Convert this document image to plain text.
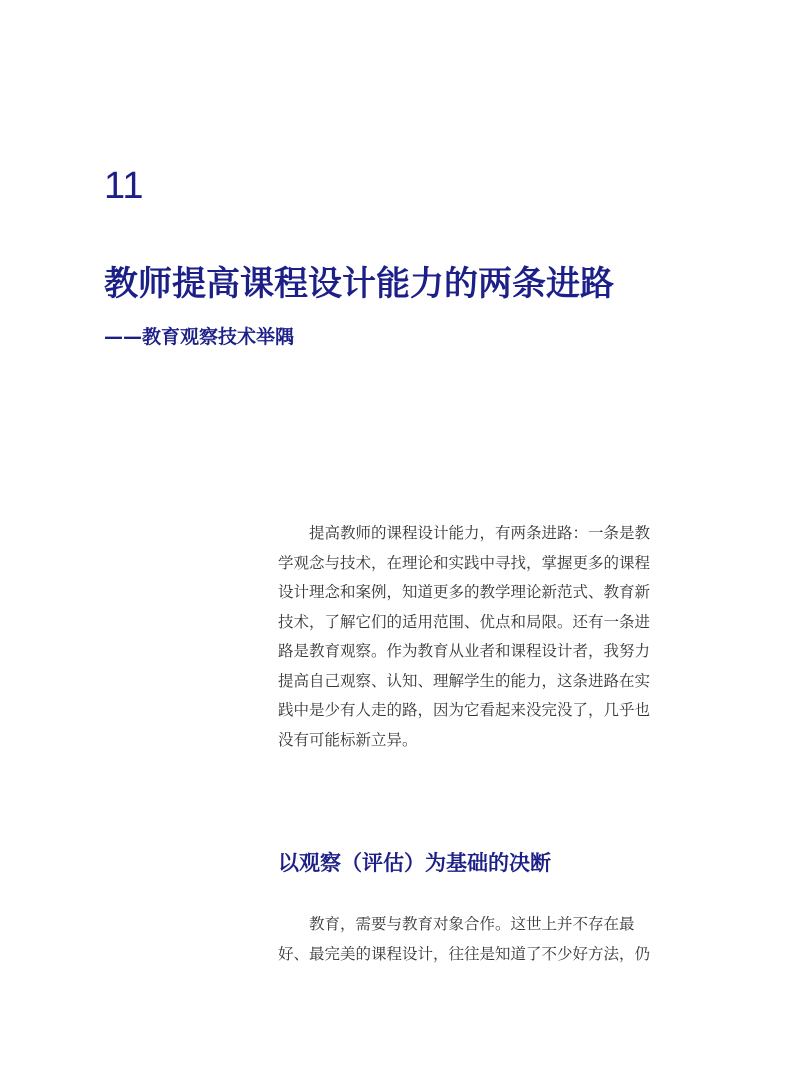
11
教师提高课程设计能力的两条进路
——教育观察技术举隅
　　提高教师的课程设计能力，有两条进路：一条是教
学观念与技术，在理论和实践中寻找，掌握更多的课程
设计理念和案例，知道更多的教学理论新范式、教育新
技术，了解它们的适用范围、优点和局限。还有一条进
路是教育观察。作为教育从业者和课程设计者，我努力
提高自己观察、认知、理解学生的能力，这条进路在实
践中是少有人走的路，因为它看起来没完没了，几乎也
没有可能标新立异。
以观察（评估）为基础的决断
　　教育，需要与教育对象合作。这世上并不存在最
好、最完美的课程设计，往往是知道了不少好方法，仍
